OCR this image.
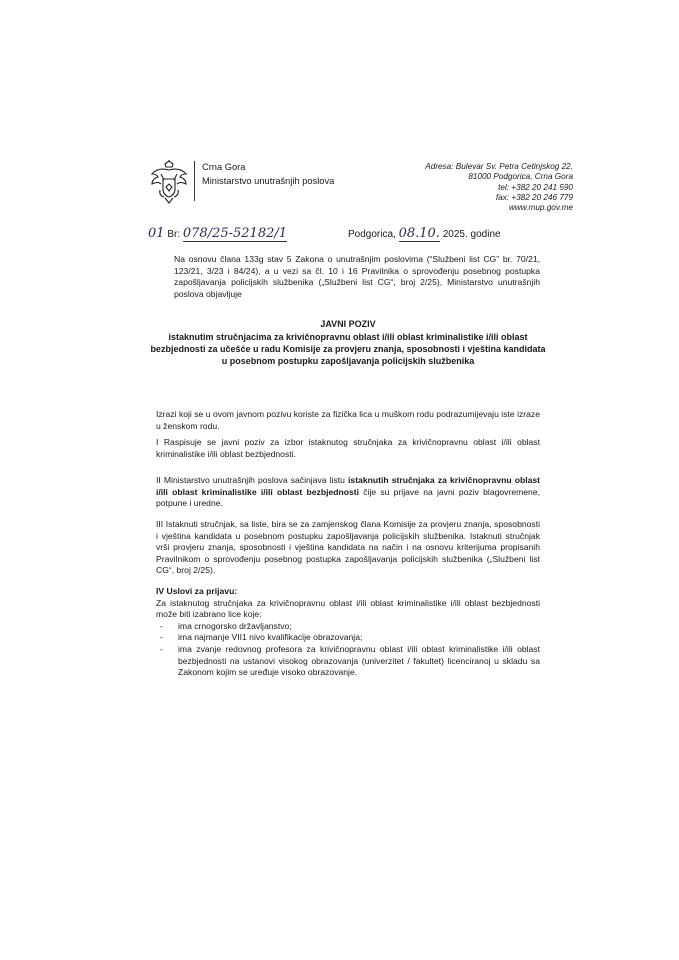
Crna Gora
Ministarstvo unutrašnjih poslova
Adresa: Bulevar Sv. Petra Cetinjskog 22,
81000 Podgorica, Crna Gora
tel: +382 20 241 590
fax: +382 20 246 779
www.mup.gov.me
01 Br: 078/25-52182/1	Podgorica, 08.10. 2025. godine
Na osnovu člana 133g stav 5 Zakona o unutrašnjim poslovima (“Službeni list CG” br. 70/21, 123/21, 3/23 i 84/24), a u vezi sa čl. 10 i 16 Pravilnika o sprovođenju posebnog postupka zapošljavanja policijskih službenika („Službeni list CG“, broj 2/25), Ministarstvo unutrašnjih poslova objavljuje
JAVNI POZIV
istaknutim stručnjacima za krivičnopravnu oblast i/ili oblast kriminalistike i/ili oblast bezbjednosti za učešće u radu Komisije za provjeru znanja, sposobnosti i vještina kandidata u posebnom postupku zapošljavanja policijskih službenika
Izrazi koji se u ovom javnom pozivu koriste za fizička lica u muškom rodu podrazumijevaju iste izraze u ženskom rodu.
I Raspisuje se javni poziv za izbor istaknutog stručnjaka za krivičnopravnu oblast i/ili oblast kriminalistike i/ili oblast bezbjednosti.
II Ministarstvo unutrašnjih poslova sačinjava listu istaknutih stručnjaka za krivičnopravnu oblast i/ili oblast kriminalistike i/ili oblast bezbjednosti čije su prijave na javni poziv blagovremene, potpune i uredne.
III Istaknuti stručnjak, sa liste, bira se za zamjenskog člana Komisije za provjeru znanja, sposobnosti i vještina kandidata u posebnom postupku zapošljavanja policijskih službenika. Istaknuti stručnjak vrši provjeru znanja, sposobnosti i vještina kandidata na način i na osnovu kriterijuma propisanih Pravilnikom o sprovođenju posebnog postupka zapošljavanja policijskih službenika („Službeni list CG“, broj 2/25).
IV Uslovi za prijavu:
Za istaknutog stručnjaka za krivičnopravnu oblast i/ili oblast kriminalistike i/ili oblast bezbjednosti može biti izabrano lice koje:
- ima crnogorsko državljanstvo;
- ima najmanje VII1 nivo kvalifikacije obrazovanja;
- ima zvanje redovnog profesora za krivičnopravnu oblast i/ili oblast kriminalistike i/ili oblast bezbjednosti na ustanovi visokog obrazovanja (univerzitet / fakultet) licenciranoj u skladu sa Zakonom kojim se uređuje visoko obrazovanje.
